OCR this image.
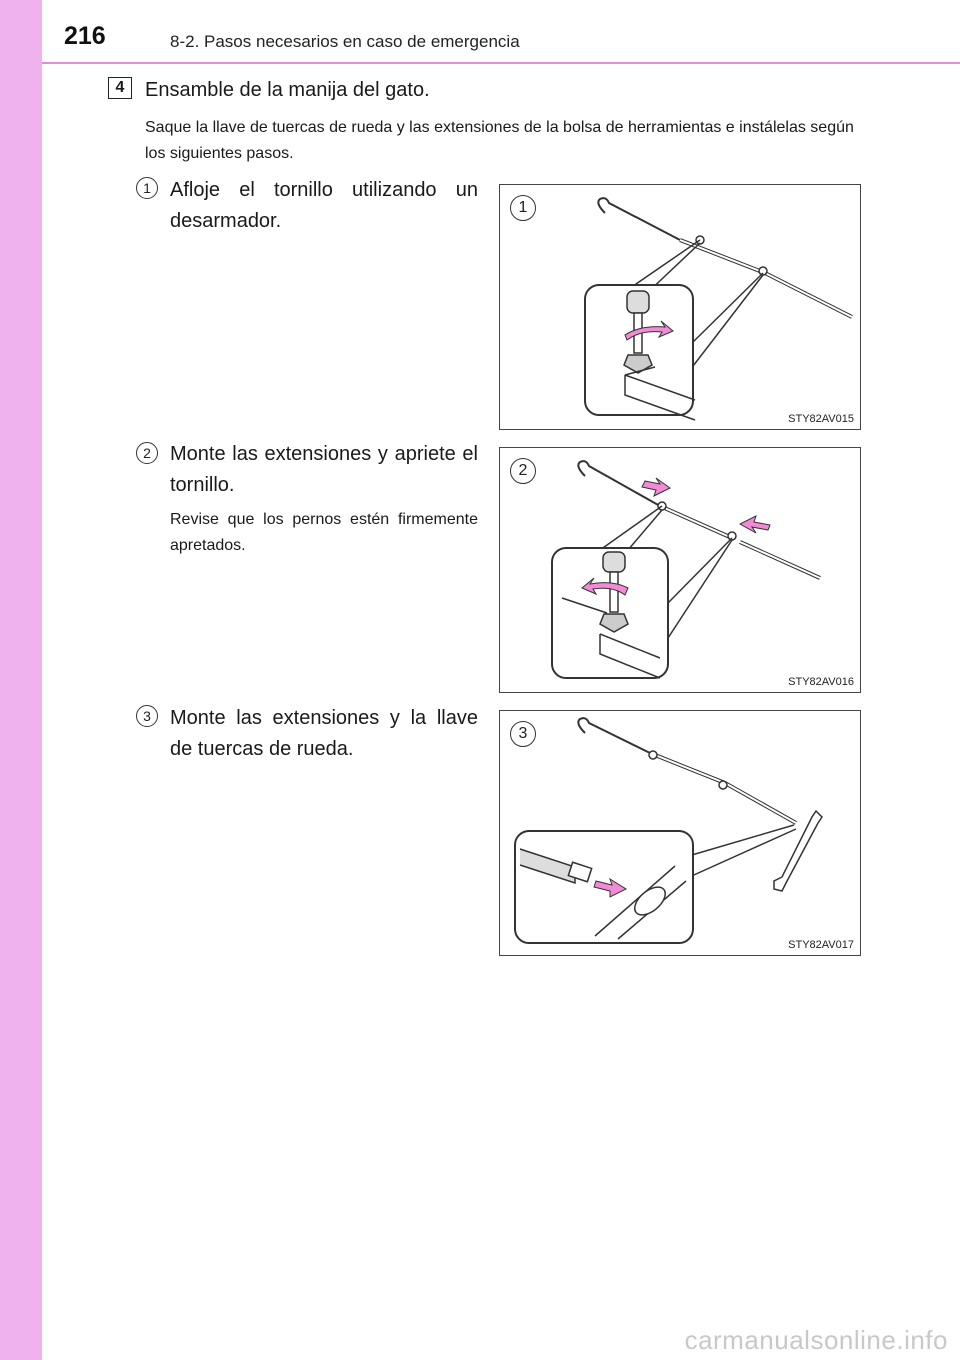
216	8-2. Pasos necesarios en caso de emergencia
4	Ensamble de la manija del gato.
Saque la llave de tuercas de rueda y las extensiones de la bolsa de herramientas e instálelas según los siguientes pasos.
1 Afloje el tornillo utilizando un desarmador.
STY82AV015
1
2 Monte las extensiones y apriete el tornillo.
Revise que los pernos estén firmemente apretados.
STY82AV016
2
3 Monte las extensiones y la llave de tuercas de rueda.
STY82AV017
3
carmanualsonline.info
